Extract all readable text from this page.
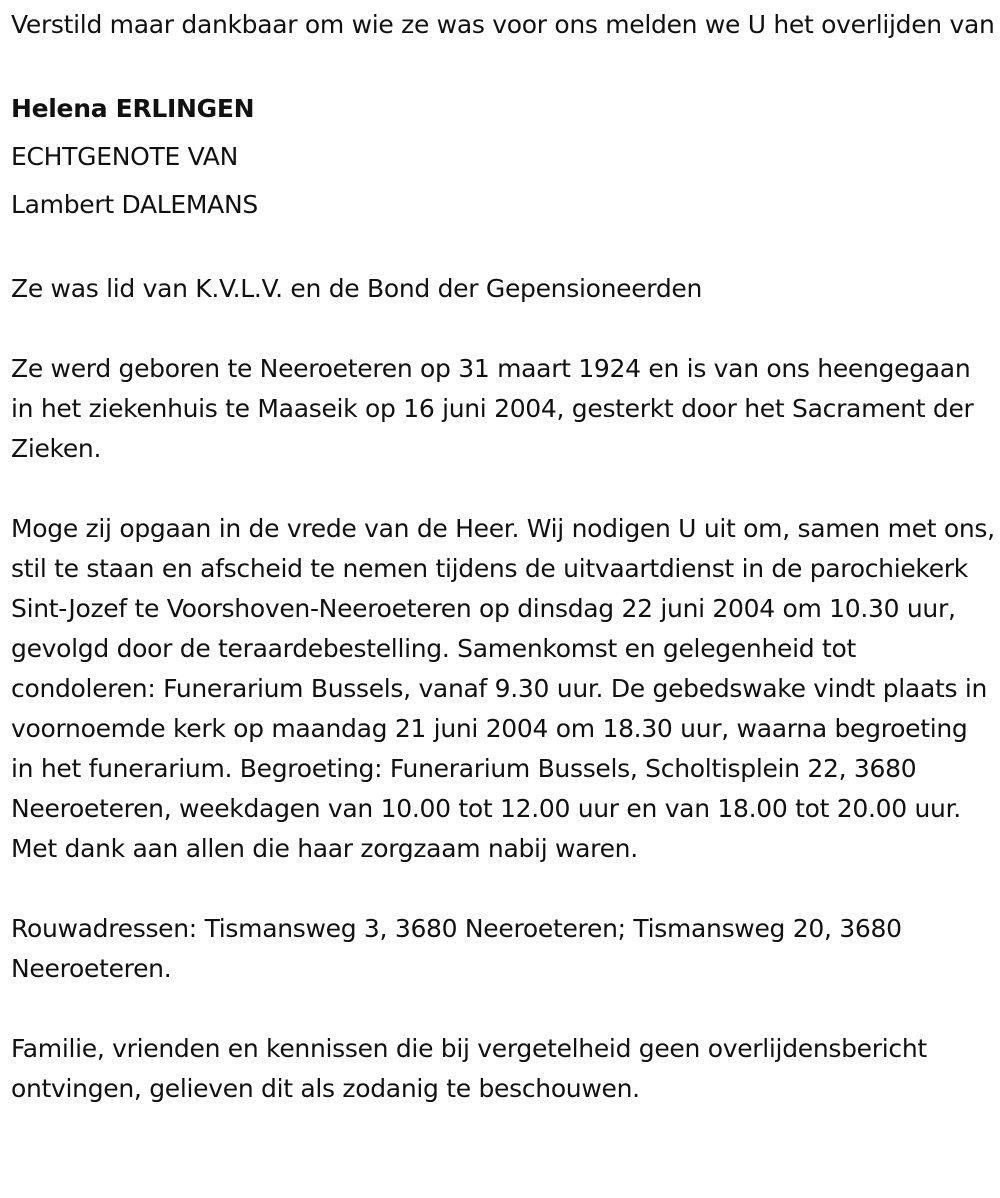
Verstild maar dankbaar om wie ze was voor ons melden we U het overlijden van

Helena ERLINGEN

ECHTGENOTE VAN

Lambert DALEMANS

Ze was lid van K.V.L.V. en de Bond der Gepensioneerden

Ze werd geboren te Neeroeteren op 31 maart 1924 en is van ons heengegaan in het ziekenhuis te Maaseik op 16 juni 2004, gesterkt door het Sacrament der Zieken.

Moge zij opgaan in de vrede van de Heer. Wij nodigen U uit om, samen met ons, stil te staan en afscheid te nemen tijdens de uitvaartdienst in de parochiekerk Sint-Jozef te Voorshoven-Neeroeteren op dinsdag 22 juni 2004 om 10.30 uur, gevolgd door de teraardebestelling. Samenkomst en gelegenheid tot condoleren: Funerarium Bussels, vanaf 9.30 uur. De gebedswake vindt plaats in voornoemde kerk op maandag 21 juni 2004 om 18.30 uur, waarna begroeting in het funerarium. Begroeting: Funerarium Bussels, Scholtisplein 22, 3680 Neeroeteren, weekdagen van 10.00 tot 12.00 uur en van 18.00 tot 20.00 uur. Met dank aan allen die haar zorgzaam nabij waren.

Rouwadressen: Tismansweg 3, 3680 Neeroeteren; Tismansweg 20, 3680 Neeroeteren.

Familie, vrienden en kennissen die bij vergetelheid geen overlijdensbericht ontvingen, gelieven dit als zodanig te beschouwen.
